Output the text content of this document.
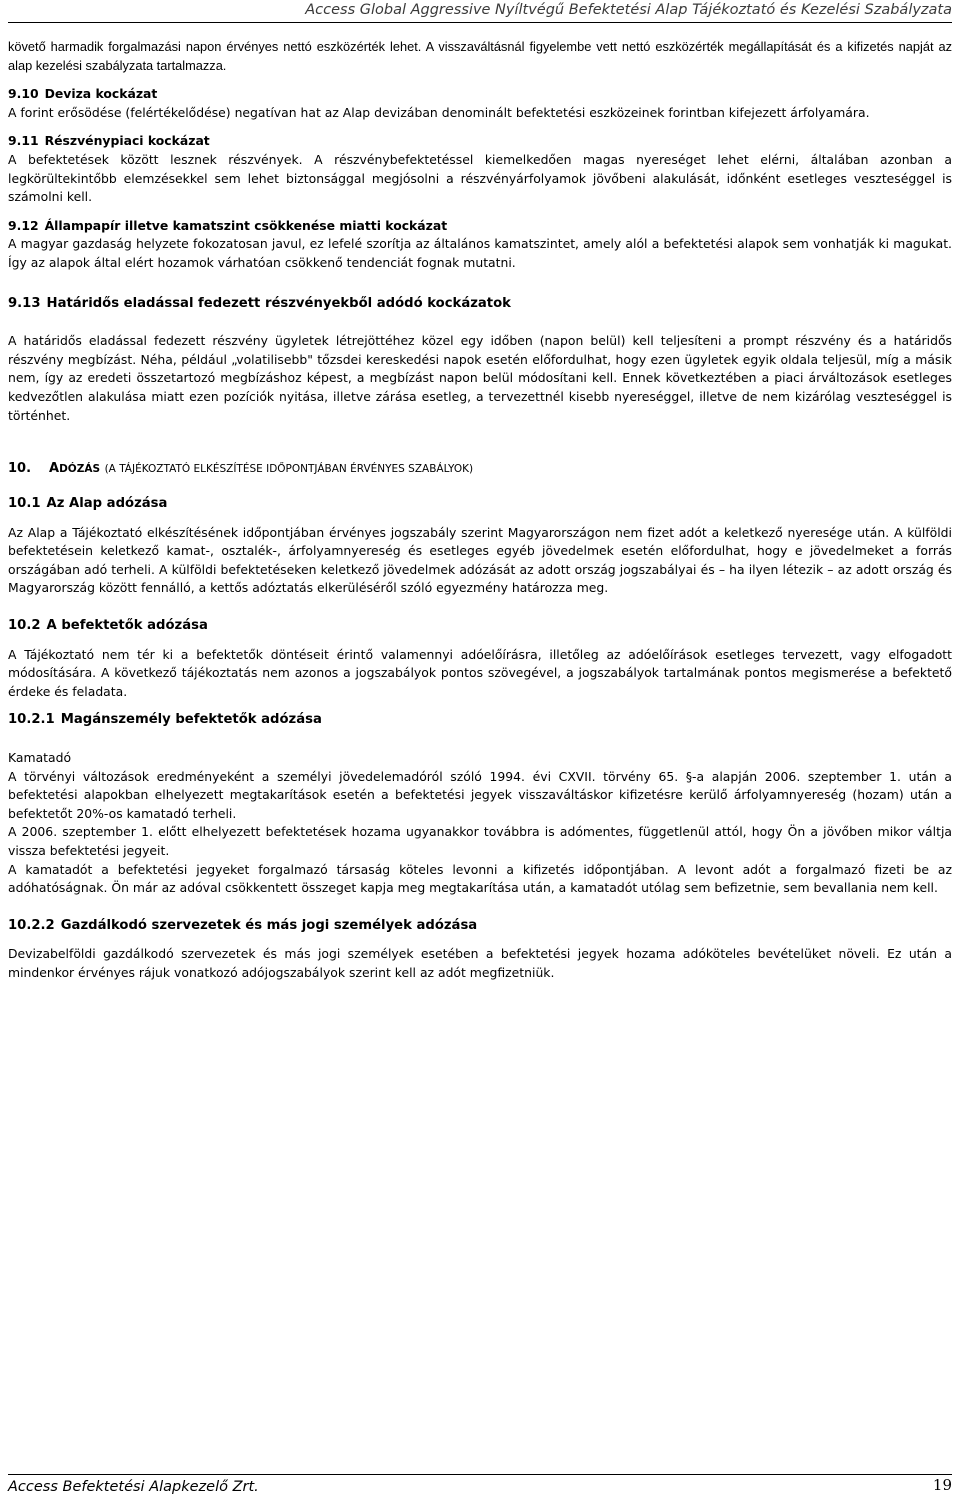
Access Global Aggressive Nyíltvégű Befektetési Alap Tájékoztató és Kezelési Szabályzata

követő harmadik forgalmazási napon érvényes nettó eszközérték lehet. A visszaváltásnál figyelembe vett nettó eszközérték megállapítását és a kifizetés napját az alap kezelési szabályzata tartalmazza.

9.10 Deviza kockázat

A forint erősödése (felértékelődése) negatívan hat az Alap devizában denominált befektetési eszközeinek forintban kifejezett árfolyamára.

9.11 Részvénypiaci kockázat

A befektetések között lesznek részvények. A részvénybefektetéssel kiemelkedően magas nyereséget lehet elérni, általában azonban a legkörültekintőbb elemzésekkel sem lehet biztonsággal megjósolni a részvényárfolyamok jövőbeni alakulását, időnként esetleges veszteséggel is számolni kell.

9.12 Állampapír illetve kamatszint csökkenése miatti kockázat

A magyar gazdaság helyzete fokozatosan javul, ez lefelé szorítja az általános kamatszintet, amely alól a befektetési alapok sem vonhatják ki magukat. Így az alapok által elért hozamok várhatóan csökkenő tendenciát fognak mutatni.

9.13 Határidős eladással fedezett részvényekből adódó kockázatok

A határidős eladással fedezett részvény ügyletek létrejöttéhez közel egy időben (napon belül) kell teljesíteni a prompt részvény és a határidős részvény megbízást. Néha, például „volatilisebb" tőzsdei kereskedési napok esetén előfordulhat, hogy ezen ügyletek egyik oldala teljesül, míg a másik nem, így az eredeti összetartozó megbízáshoz képest, a megbízást napon belül módosítani kell. Ennek következtében a piaci árváltozások esetleges kedvezőtlen alakulása miatt ezen pozíciók nyitása, illetve zárása esetleg, a tervezettnél kisebb nyereséggel, illetve de nem kizárólag veszteséggel is történhet.

10. ADÓZÁS (A TÁJÉKOZTATÓ ELKÉSZÍTÉSE IDŐPONTJÁBAN ÉRVÉNYES SZABÁLYOK)
10.1 Az Alap adózása

Az Alap a Tájékoztató elkészítésének időpontjában érvényes jogszabály szerint Magyarországon nem fizet adót a keletkező nyereségе után. A külföldi befektetésein keletkező kamat-, osztalék-, árfolyamnyereség és esetleges egyéb jövedelmek esetén előfordulhat, hogy e jövedelmeket a forrás országában adó terheli. A külföldi befektetéseken keletkező jövedelmek adózását az adott ország jogszabályai és – ha ilyen létezik – az adott ország és Magyarország között fennálló, a kettős adóztatás elkerüléséről szóló egyezmény határozza meg.

10.2 A befektetők adózása

A Tájékoztató nem tér ki a befektetők döntéseit érintő valamennyi adóelőírásra, illetőleg az adóelőírások esetleges tervezett, vagy elfogadott módosítására. A következő tájékoztatás nem azonos a jogszabályok pontos szövegével, a jogszabályok tartalmának pontos megismerése a befektető érdeke és feladata.

10.2.1 Magánszemély befektetők adózása

Kamatadó

A törvényi változások eredményeként a személyi jövedelemadóról szóló 1994. évi CXVII. törvény 65. §-a alapján 2006. szeptember 1. után a befektetési alapokban elhelyezett megtakarítások esetén a befektetési jegyek visszaváltáskor kifizetésre kerülő árfolyamnyereség (hozam) után a befektetőt 20%-os kamatadó terheli.

A 2006. szeptember 1. előtt elhelyezett befektetések hozama ugyanakkor továbbra is adómentes, függetlenül attól, hogy Ön a jövőben mikor váltja vissza befektetési jegyeit.

A kamatadót a befektetési jegyeket forgalmazó társaság köteles levonni a kifizetés időpontjában. A levont adót a forgalmazó fizeti be az adóhatóságnak. Ön már az adóval csökkentett összeget kapja meg megtakarítása után, a kamatadót utólag sem befizetnie, sem bevallania nem kell.

10.2.2 Gazdálkodó szervezetek és más jogi személyek adózása

Devizabelföldi gazdálkodó szervezetek és más jogi személyek esetében a befektetési jegyek hozama adóköteles bevételüket növeli. Ez után a mindenkor érvényes rájuk vonatkozó adójogszabályok szerint kell az adót megfizetniük.

Access Befektetési Alapkezelő Zrt.	19
